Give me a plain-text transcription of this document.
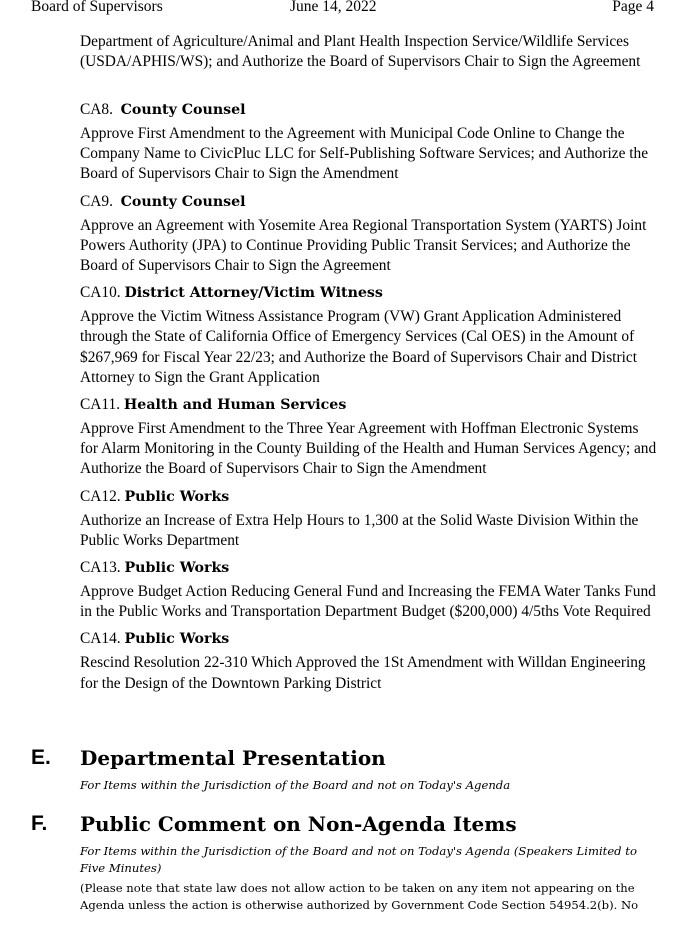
Board of Supervisors	June 14, 2022	Page 4

Department of Agriculture/Animal and Plant Health Inspection Service/Wildlife Services (USDA/APHIS/WS); and Authorize the Board of Supervisors Chair to Sign the Agreement

CA8. County Counsel

Approve First Amendment to the Agreement with Municipal Code Online to Change the Company Name to CivicPluc LLC for Self-Publishing Software Services; and Authorize the Board of Supervisors Chair to Sign the Amendment

CA9. County Counsel

Approve an Agreement with Yosemite Area Regional Transportation System (YARTS) Joint Powers Authority (JPA) to Continue Providing Public Transit Services; and Authorize the Board of Supervisors Chair to Sign the Agreement

CA10. District Attorney/Victim Witness

Approve the Victim Witness Assistance Program (VW) Grant Application Administered through the State of California Office of Emergency Services (Cal OES) in the Amount of $267,969 for Fiscal Year 22/23; and Authorize the Board of Supervisors Chair and District Attorney to Sign the Grant Application

CA11. Health and Human Services

Approve First Amendment to the Three Year Agreement with Hoffman Electronic Systems for Alarm Monitoring in the County Building of the Health and Human Services Agency; and Authorize the Board of Supervisors Chair to Sign the Amendment

CA12. Public Works

Authorize an Increase of Extra Help Hours to 1,300 at the Solid Waste Division Within the Public Works Department

CA13. Public Works

Approve Budget Action Reducing General Fund and Increasing the FEMA Water Tanks Fund in the Public Works and Transportation Department Budget ($200,000) 4/5ths Vote Required

CA14. Public Works

Rescind Resolution 22-310 Which Approved the 1St Amendment with Willdan Engineering for the Design of the Downtown Parking District

E. Departmental Presentation
For Items within the Jurisdiction of the Board and not on Today's Agenda
F. Public Comment on Non-Agenda Items
For Items within the Jurisdiction of the Board and not on Today's Agenda (Speakers Limited to Five Minutes)
(Please note that state law does not allow action to be taken on any item not appearing on the Agenda unless the action is otherwise authorized by Government Code Section 54954.2(b). No
